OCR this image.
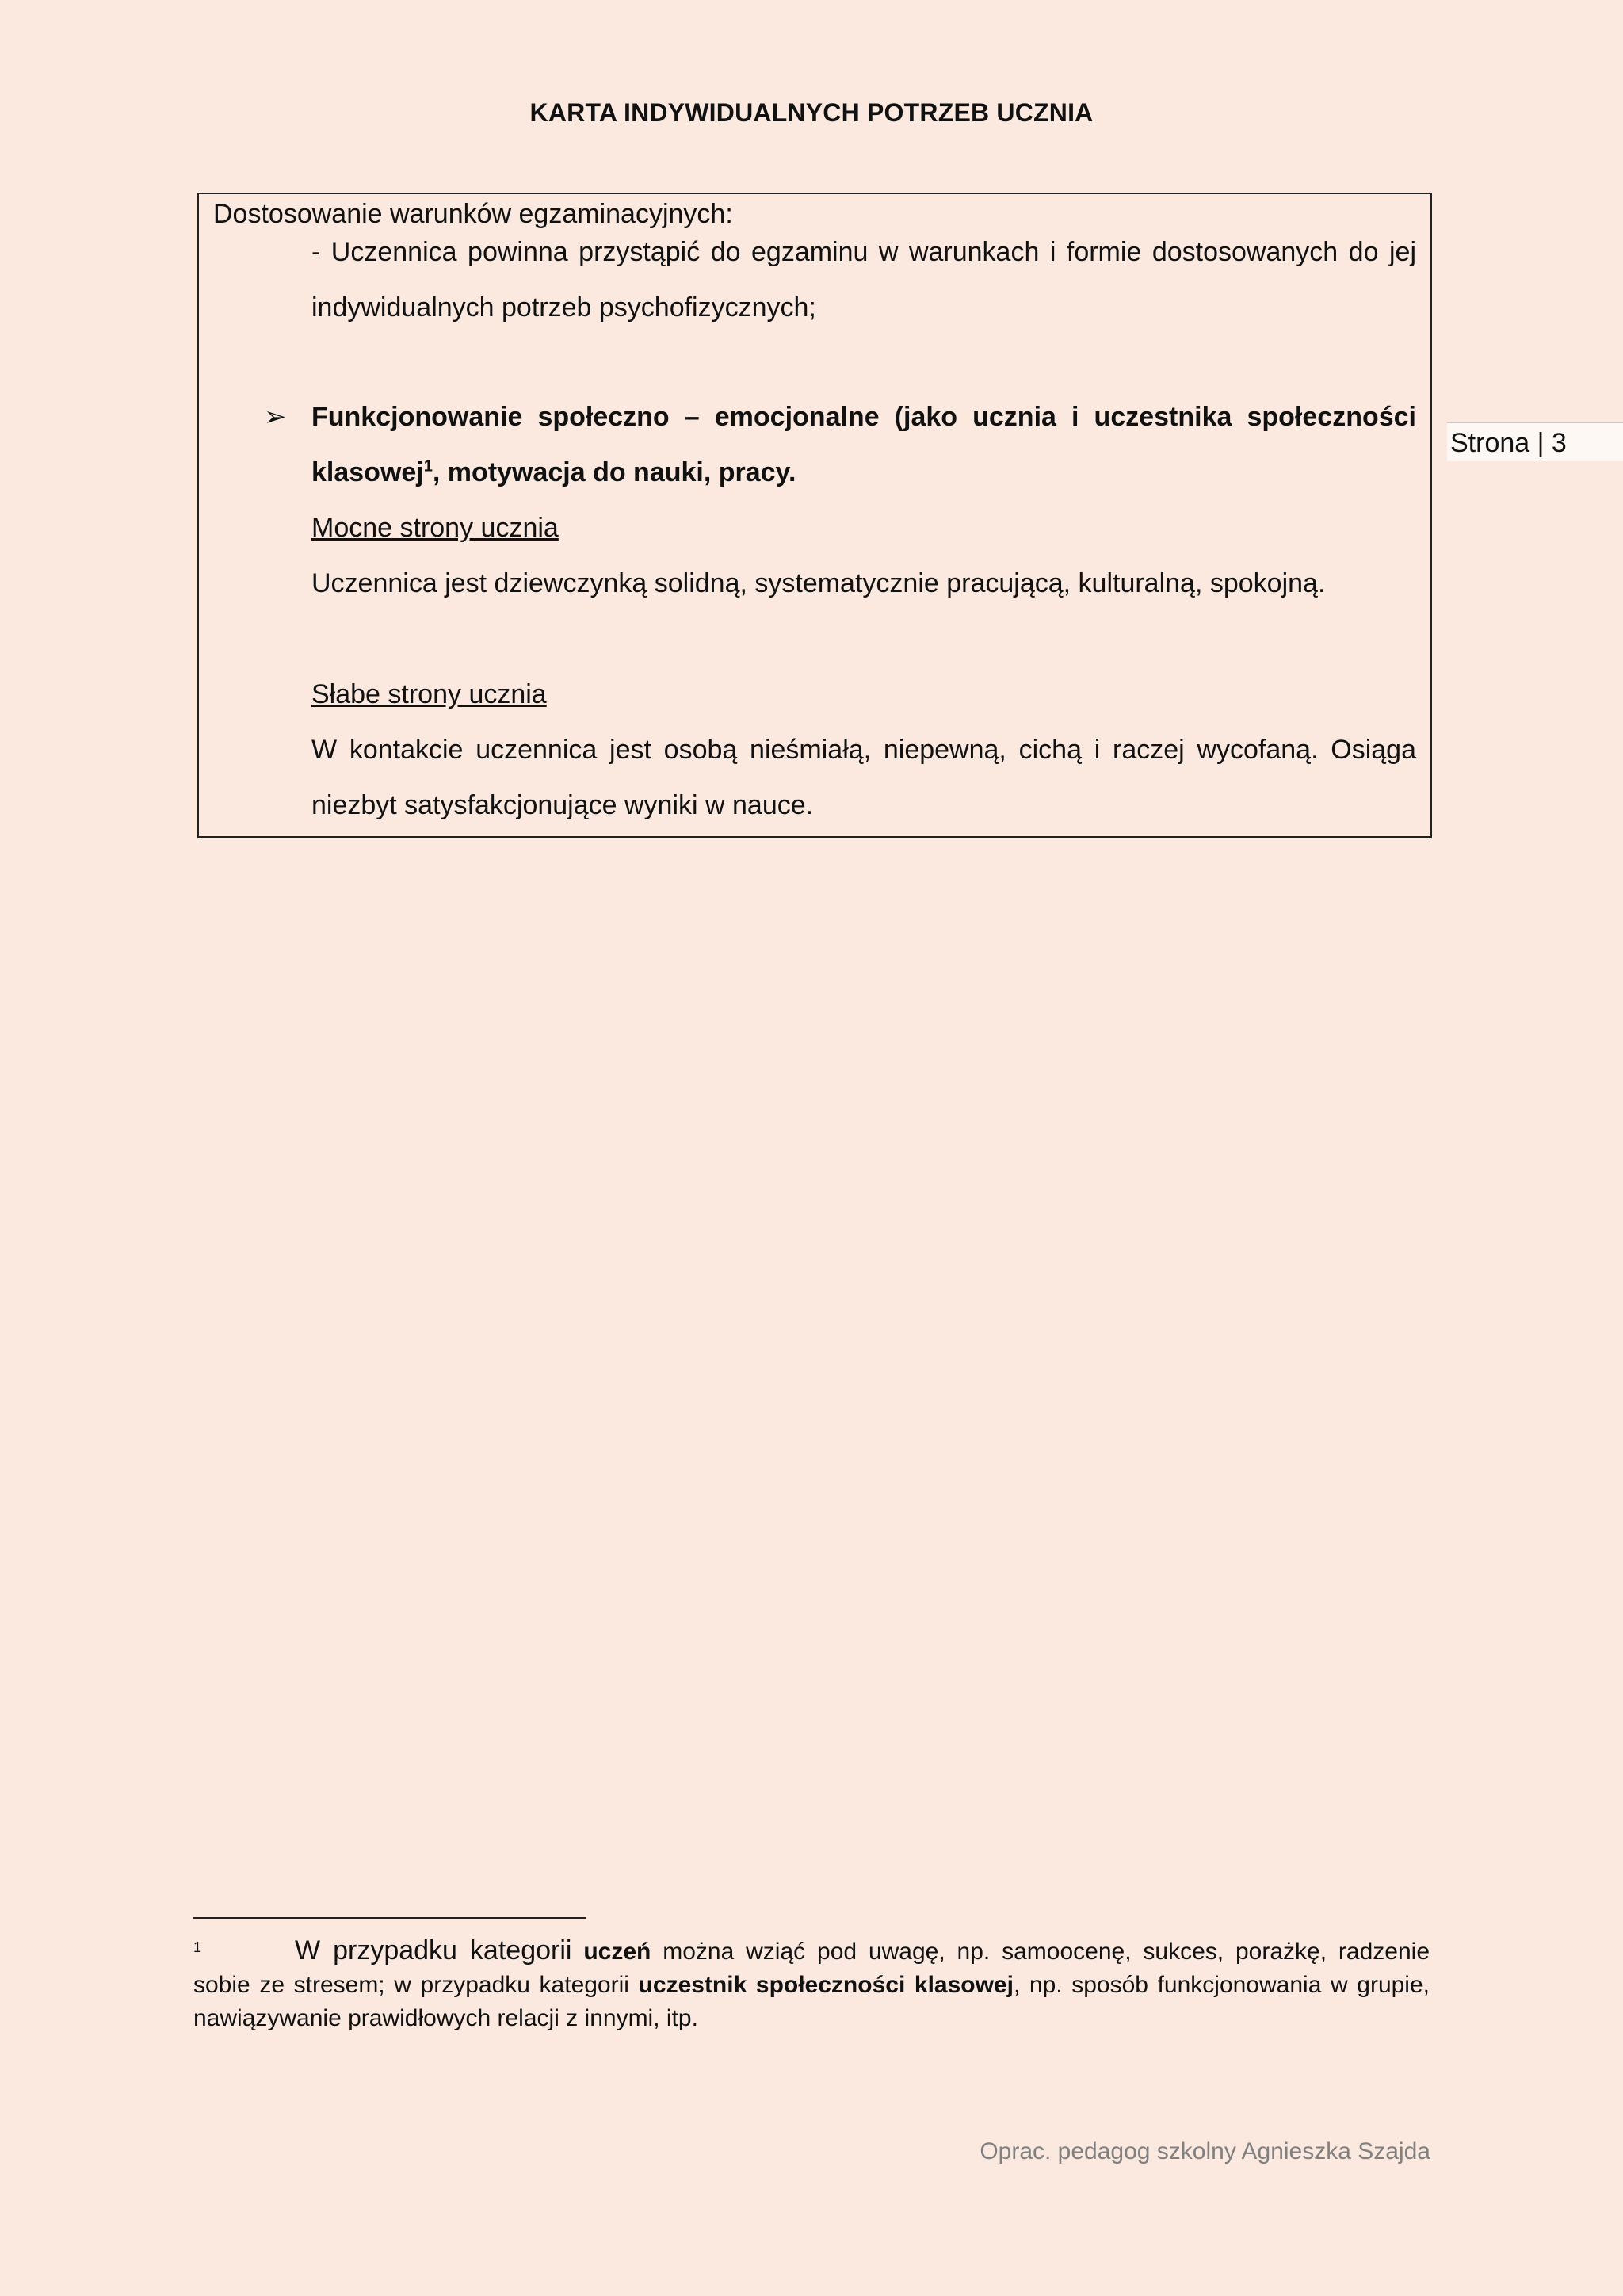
KARTA INDYWIDUALNYCH POTRZEB UCZNIA
Strona | 3
Dostosowanie warunków egzaminacyjnych:
- Uczennica powinna przystąpić do egzaminu w warunkach i formie dostosowanych do jej indywidualnych potrzeb psychofizycznych;
➢ Funkcjonowanie społeczno – emocjonalne (jako ucznia i uczestnika społeczności klasowej$^1$, motywacja do nauki, pracy.
Mocne strony ucznia
Uczennica jest dziewczynką solidną, systematycznie pracującą, kulturalną, spokojną.
Słabe strony ucznia
W kontakcie uczennica jest osobą nieśmiałą, niepewną, cichą i raczej wycofaną. Osiąga niezbyt satysfakcjonujące wyniki w nauce.
$^1$	W przypadku kategorii uczeń można wziąć pod uwagę, np. samoocenę, sukces, porażkę, radzenie sobie ze stresem; w przypadku kategorii uczestnik społeczności klasowej, np. sposób funkcjonowania w grupie, nawiązywanie prawidłowych relacji z innymi, itp.
Oprac. pedagog szkolny Agnieszka Szajda
